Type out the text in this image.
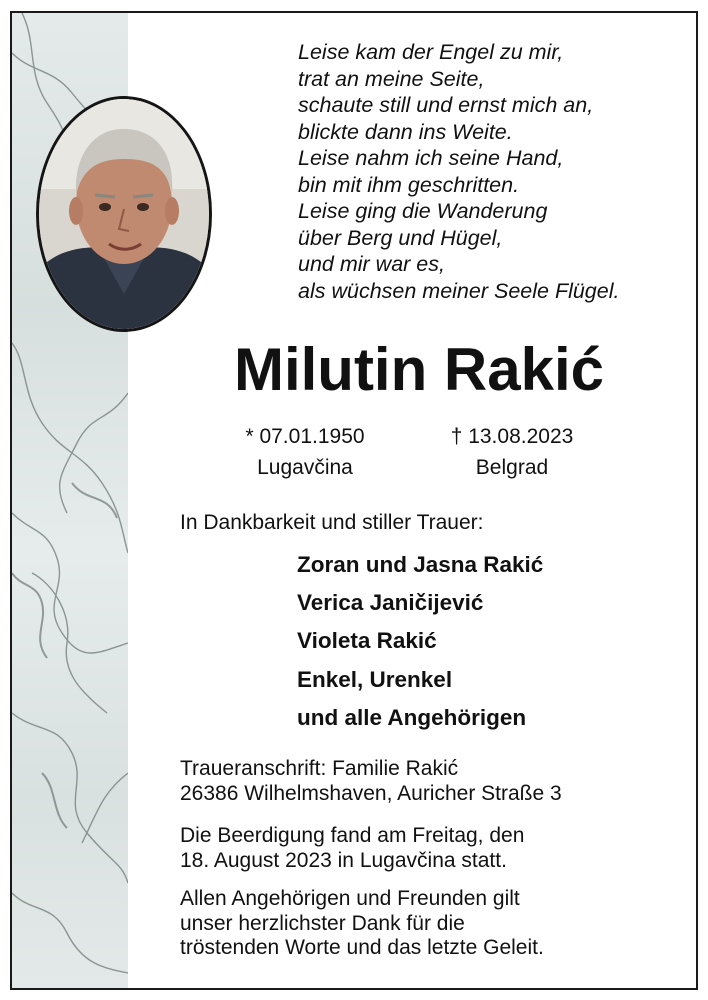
Leise kam der Engel zu mir,
trat an meine Seite,
schaute still und ernst mich an,
blickte dann ins Weite.
Leise nahm ich seine Hand,
bin mit ihm geschritten.
Leise ging die Wanderung
über Berg und Hügel,
und mir war es,
als wüchsen meiner Seele Flügel.
Milutin Rakić
* 07.01.1950
Lugavčina
† 13.08.2023
Belgrad
In Dankbarkeit und stiller Trauer:
Zoran und Jasna Rakić
Verica Janičijević
Violeta Rakić
Enkel, Urenkel
und alle Angehörigen
Traueranschrift: Familie Rakić
26386 Wilhelmshaven, Auricher Straße 3
Die Beerdigung fand am Freitag, den
18. August 2023 in Lugavčina statt.
Allen Angehörigen und Freunden gilt
unser herzlichster Dank für die
tröstenden Worte und das letzte Geleit.
